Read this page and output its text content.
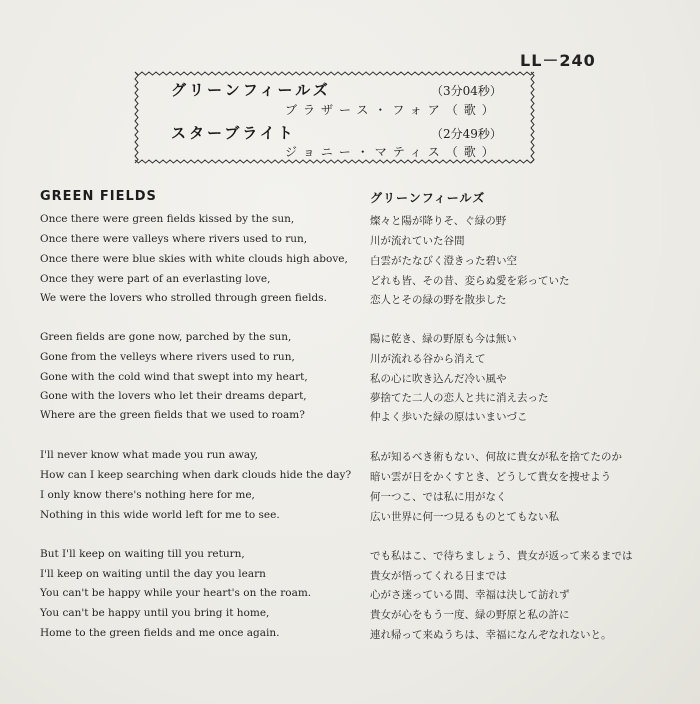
LL－240
グリーンフィールズ	（3分04秒）
ブラザース・フォア（歌）
スターブライト	（2分49秒）
ジョニー・マティス（歌）
GREEN FIELDS	グリーンフィールズ
Once there were green fields kissed by the sun,
Once there were valleys where rivers used to run,
Once there were blue skies with white clouds high above,
Once they were part of an everlasting love,
We were the lovers who strolled through green fields.
Green fields are gone now, parched by the sun,
Gone from the velleys where rivers used to run,
Gone with the cold wind that swept into my heart,
Gone with the lovers who let their dreams depart,
Where are the green fields that we used to roam?
I'll never know what made you run away,
How can I keep searching when dark clouds hide the day?
I only know there's nothing here for me,
Nothing in this wide world left for me to see.
But I'll keep on waiting till you return,
I'll keep on waiting until the day you learn
You can't be happy while your heart's on the roam.
You can't be happy until you bring it home,
Home to the green fields and me once again.
燦々と陽が降りそ、ぐ緑の野
川が流れていた谷間
白雲がたなびく澄きった碧い空
どれも皆、その昔、変らぬ愛を彩っていた
恋人とその緑の野を散歩した
陽に乾き、緑の野原も今は無い
川が流れる谷から消えて
私の心に吹き込んだ冷い風や
夢捨てた二人の恋人と共に消え去った
仲よく歩いた緑の原はいまいづこ
私が知るべき術もない、何故に貴女が私を捨てたのか
暗い雲が日をかくすとき、どうして貴女を捜せよう
何一つこ、では私に用がなく
広い世界に何一つ見るものとてもない私
でも私はこ、で待ちましょう、貴女が返って来るまでは
貴女が悟ってくれる日までは
心がさ迷っている間、幸福は決して訪れず
貴女が心をもう一度、緑の野原と私の許に
連れ帰って来ぬうちは、幸福になんぞなれないと。
